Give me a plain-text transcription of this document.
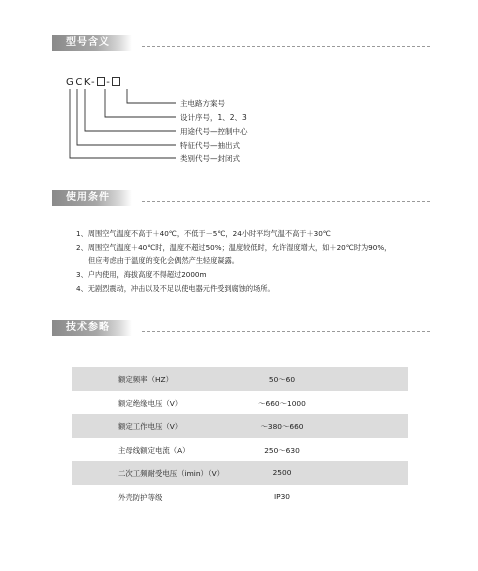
型号含义
GCK- -
主电路方案号
设计序号，1、2、3
用途代号—控制中心
特征代号—抽出式
类别代号—封闭式
使用条件
1、周围空气温度不高于＋40℃，不低于－5℃，24小时平均气温不高于＋30℃
2、周围空气温度＋40℃时，温度不超过50%；温度较低时，允许湿度增大，如＋20℃时为90%，
但应考虑由于温度的变化会偶然产生轻度凝露。
3、户内使用，海拔高度不得超过2000m
4、无剧烈震动，冲击以及不足以使电器元件受到腐蚀的场所。
技术参略
额定频率（HZ）	50～60
额定绝缘电压（V）	～660～1000
额定工作电压（V）	～380～660
主母线额定电流（A）	250～630
二次工频耐受电压（imin）（V）	2500
外壳防护等级	IP30
